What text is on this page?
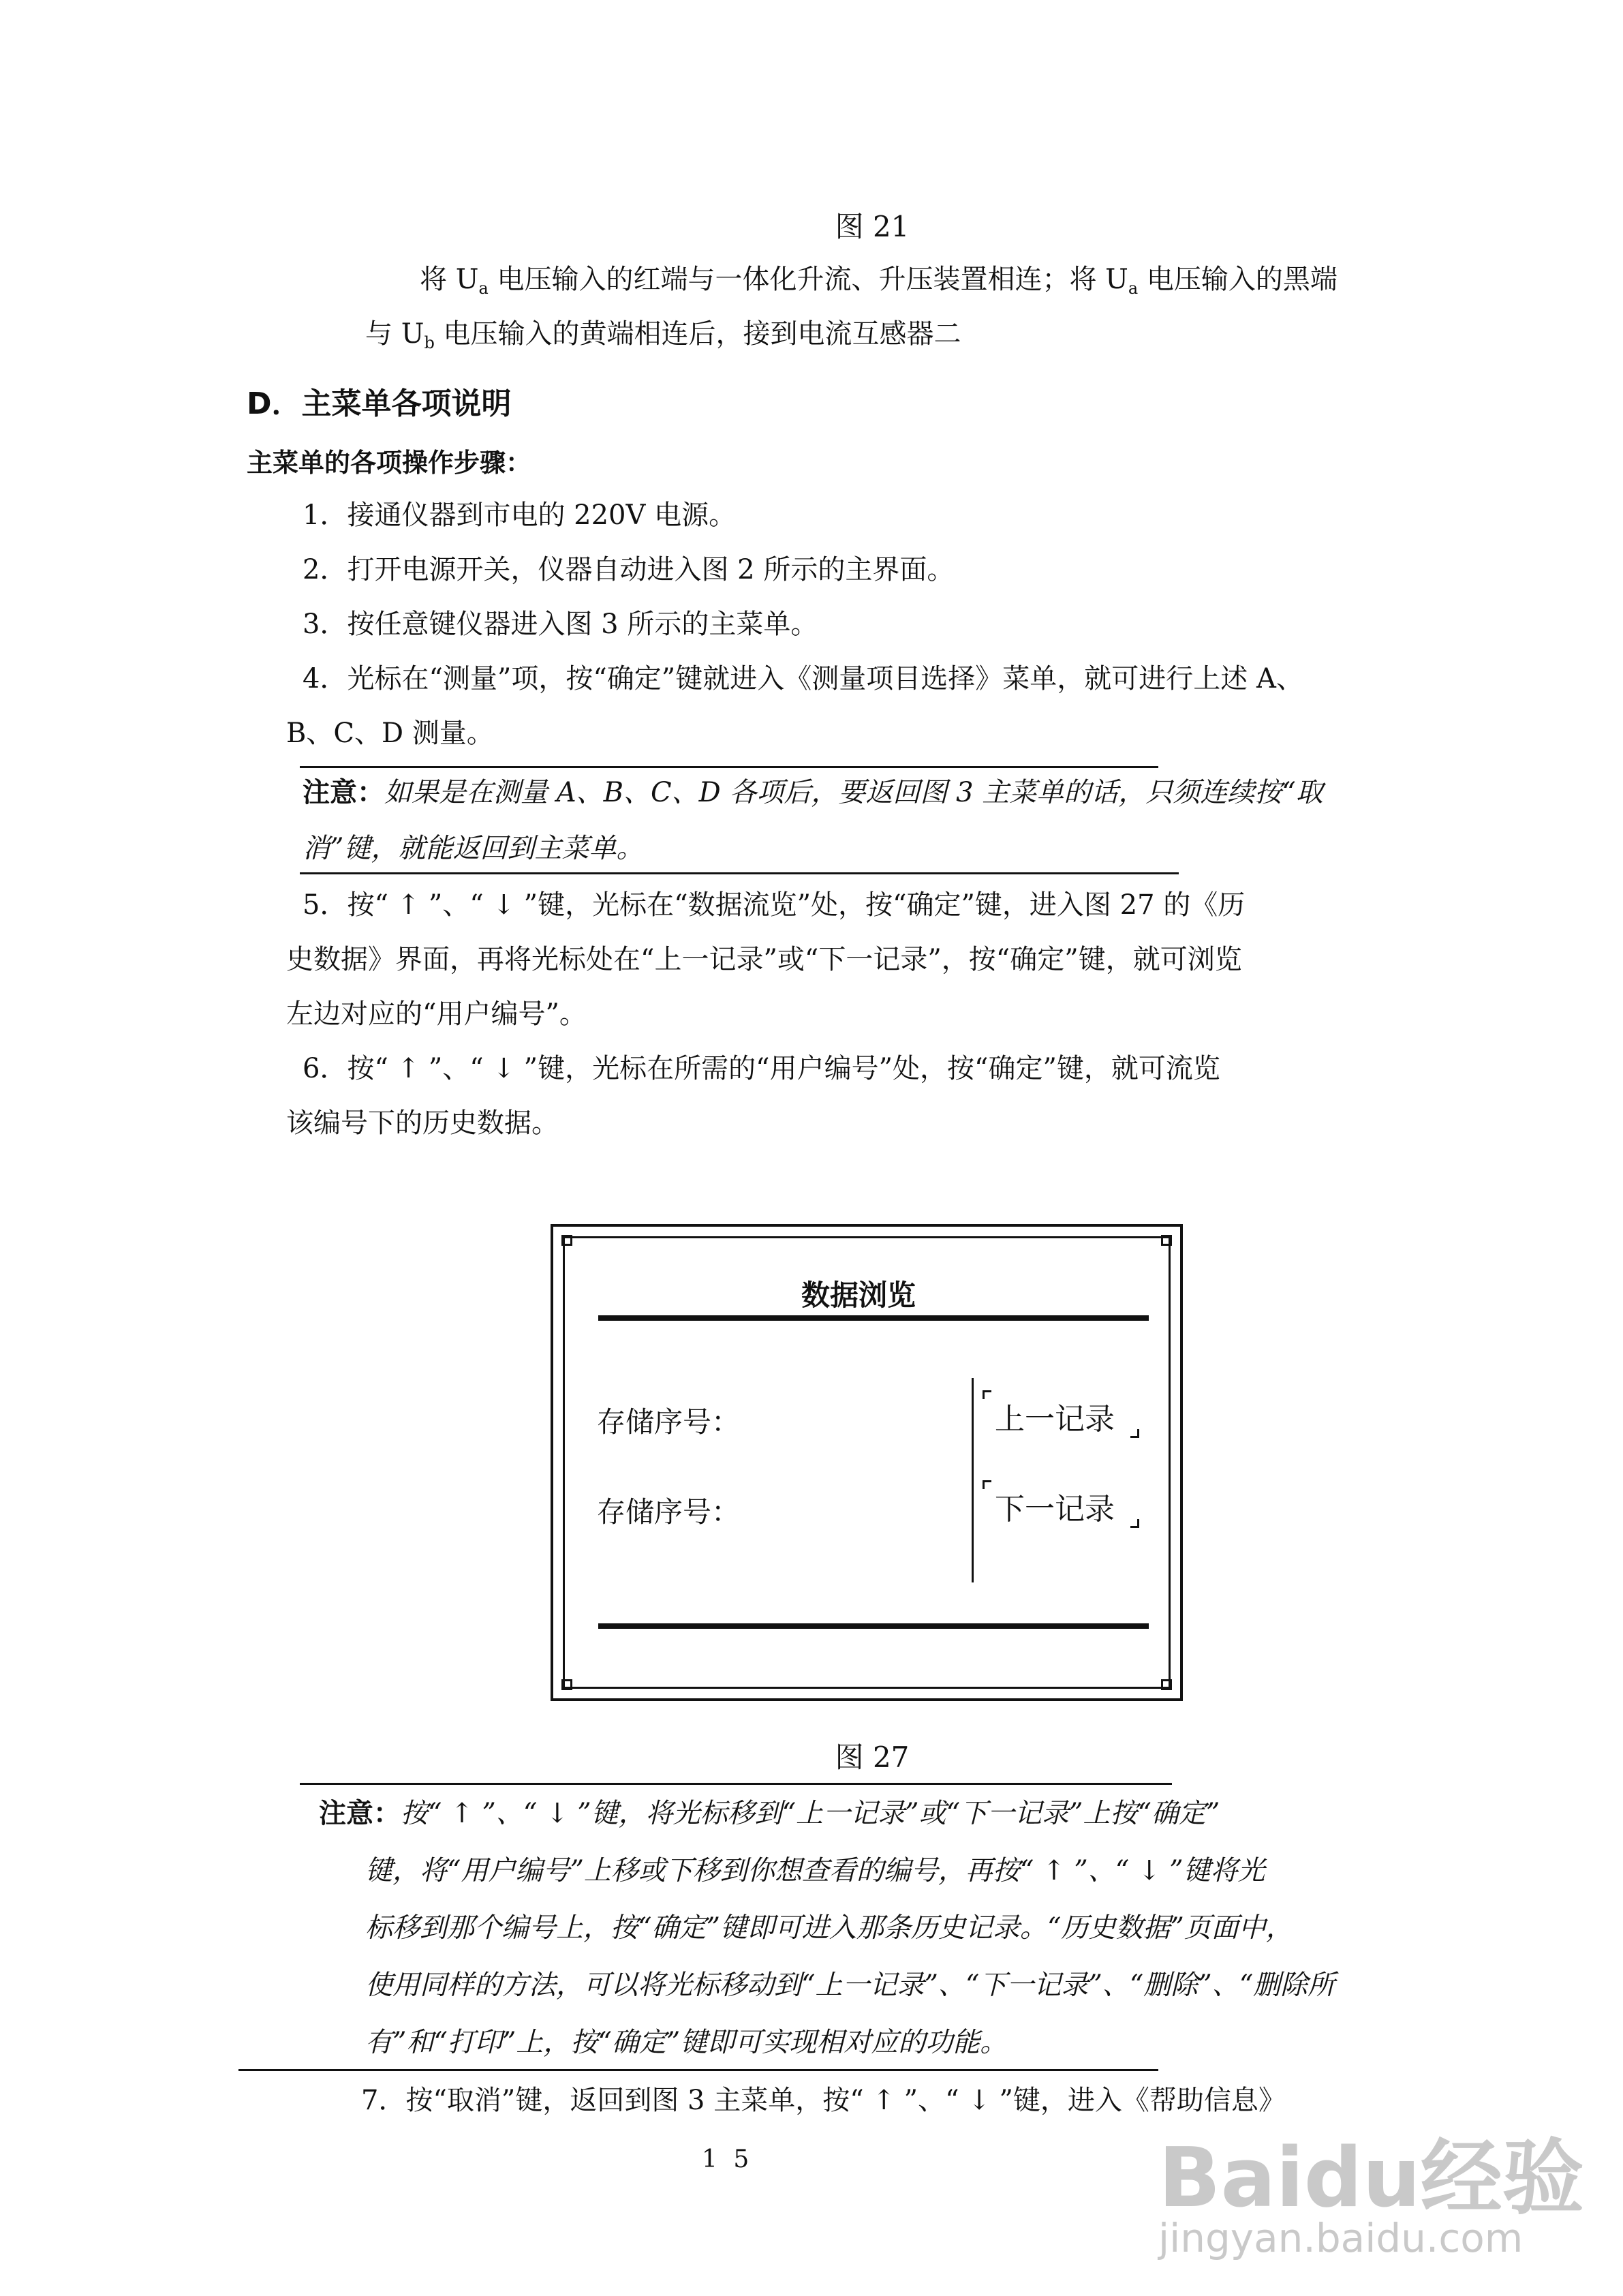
图 21
将 $U_a$ 电压输入的红端与一体化升流、升压装置相连；将 $U_a$ 电压输入的黑端
与 $U_b$ 电压输入的黄端相连后，接到电流互感器二
D．主菜单各项说明
主菜单的各项操作步骤：
1．接通仪器到市电的 220V 电源。
2．打开电源开关，仪器自动进入图 2 所示的主界面。
3．按任意键仪器进入图 3 所示的主菜单。
4．光标在“测量”项，按“确定”键就进入《测量项目选择》菜单，就可进行上述 A、
B、C、D 测量。
注意：如果是在测量 A、B、C、D 各项后，要返回图 3 主菜单的话，只须连续按“取
消”键，就能返回到主菜单。
5．按“ ↑ ”、“ ↓ ”键，光标在“数据流览”处，按“确定”键，进入图 27 的《历
史数据》界面，再将光标处在“上一记录”或“下一记录”，按“确定”键，就可浏览
左边对应的“用户编号”。
6．按“ ↑ ”、“ ↓ ”键，光标在所需的“用户编号”处，按“确定”键，就可流览
该编号下的历史数据。
数据浏览
存储序号：
存储序号：
上一记录
下一记录
图 27
注意：按“ ↑ ”、“ ↓ ”键，将光标移到“上一记录”或“下一记录”上按“确定”
键，将“用户编号”上移或下移到你想查看的编号，再按“ ↑ ”、“ ↓ ”键将光
标移到那个编号上，按“确定”键即可进入那条历史记录。“历史数据”页面中，
使用同样的方法，可以将光标移动到“上一记录”、“下一记录”、“删除”、“删除所
有”和“打印”上，按“确定”键即可实现相对应的功能。
7．按“取消”键，返回到图 3 主菜单，按“ ↑ ”、“ ↓ ”键，进入《帮助信息》
1 5	Baidu经验
jingyan.baidu.com
